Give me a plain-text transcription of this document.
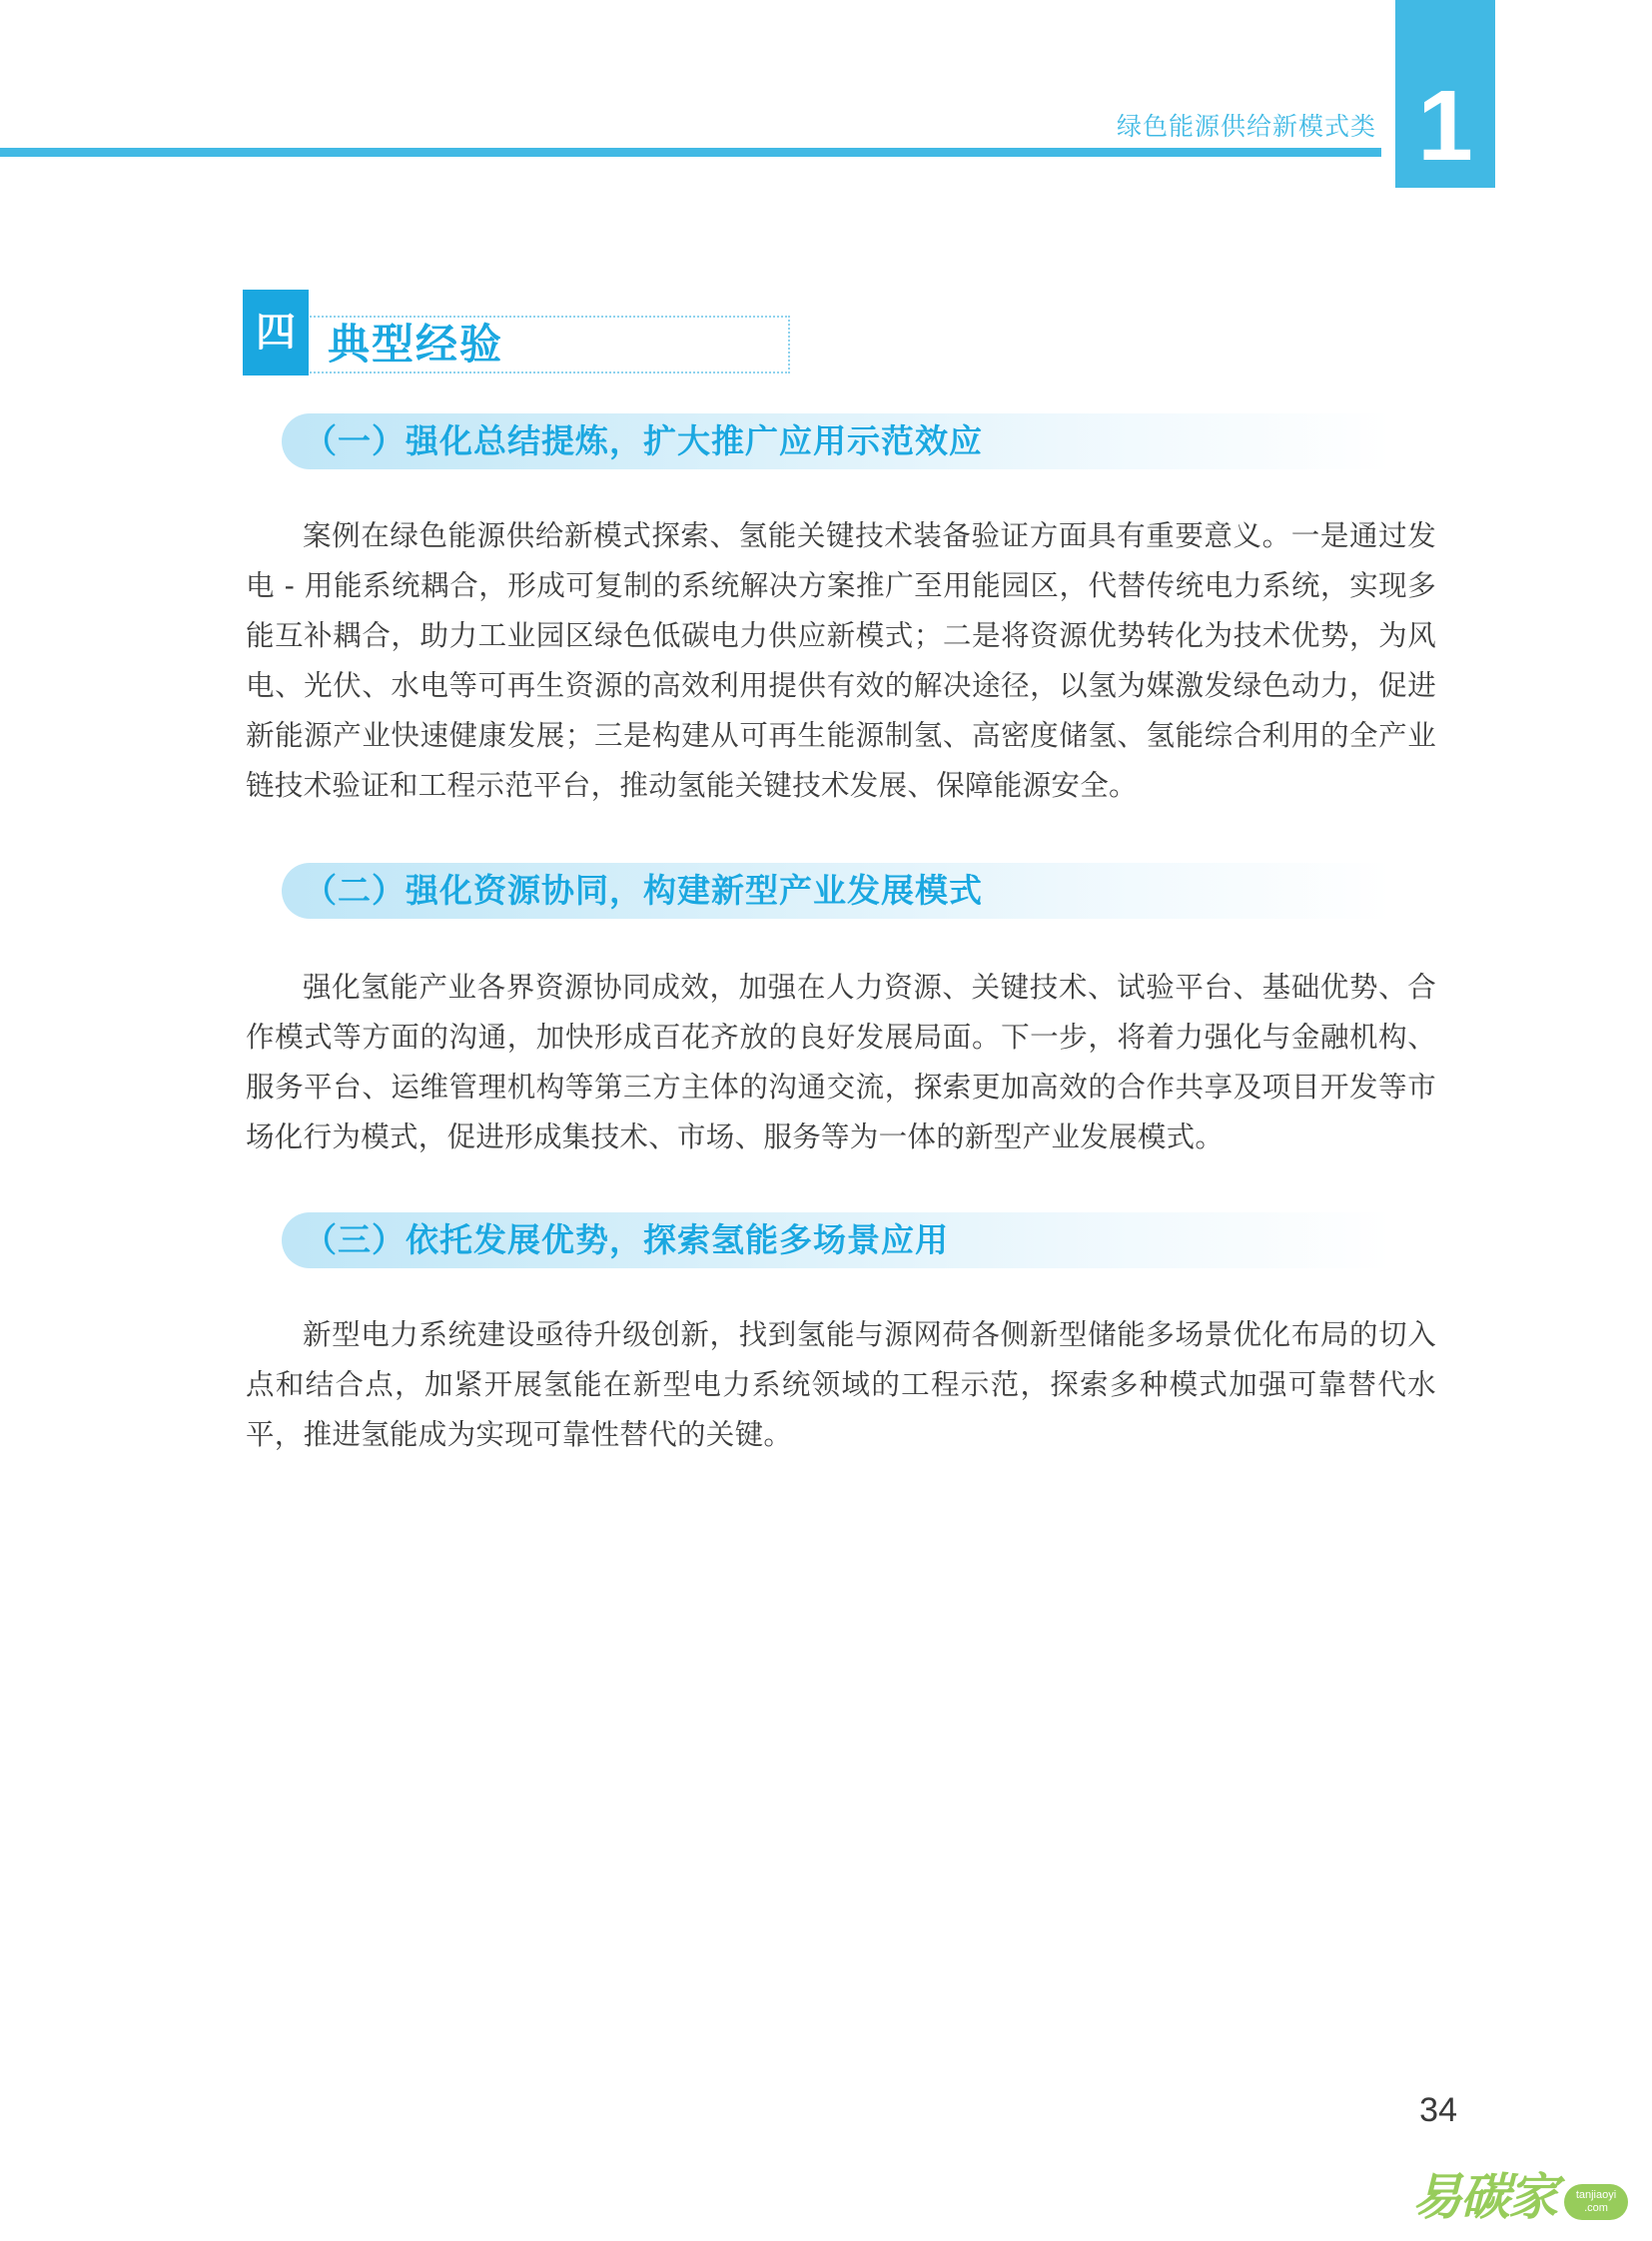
绿色能源供给新模式类 1
四 典型经验
（一）强化总结提炼，扩大推广应用示范效应

案例在绿色能源供给新模式探索、氢能关键技术装备验证方面具有重要意义。一是通过发电 - 用能系统耦合，形成可复制的系统解决方案推广至用能园区，代替传统电力系统，实现多能互补耦合，助力工业园区绿色低碳电力供应新模式；二是将资源优势转化为技术优势，为风电、光伏、水电等可再生资源的高效利用提供有效的解决途径，以氢为媒激发绿色动力，促进新能源产业快速健康发展；三是构建从可再生能源制氢、高密度储氢、氢能综合利用的全产业链技术验证和工程示范平台，推动氢能关键技术发展、保障能源安全。

（二）强化资源协同，构建新型产业发展模式

强化氢能产业各界资源协同成效，加强在人力资源、关键技术、试验平台、基础优势、合作模式等方面的沟通，加快形成百花齐放的良好发展局面。下一步，将着力强化与金融机构、服务平台、运维管理机构等第三方主体的沟通交流，探索更加高效的合作共享及项目开发等市场化行为模式，促进形成集技术、市场、服务等为一体的新型产业发展模式。

（三）依托发展优势，探索氢能多场景应用

新型电力系统建设亟待升级创新，找到氢能与源网荷各侧新型储能多场景优化布局的切入点和结合点，加紧开展氢能在新型电力系统领域的工程示范，探索多种模式加强可靠替代水平，推进氢能成为实现可靠性替代的关键。

34
易碳家	tanjiaoyi
.com
